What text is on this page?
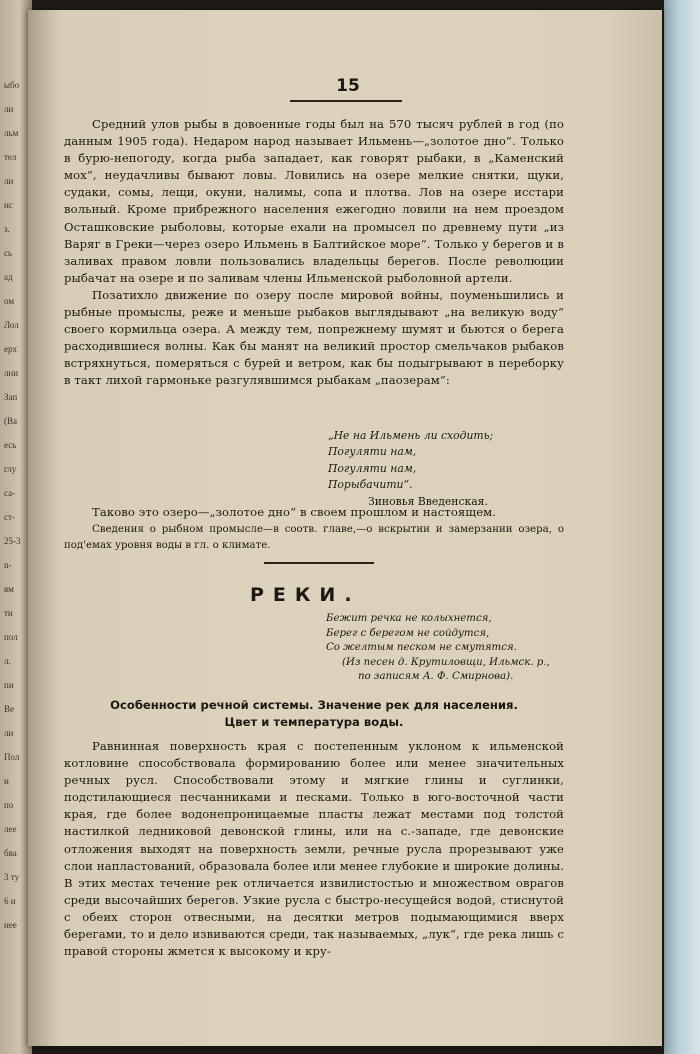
ыбо
ли
льм
тел
ли
нс
з.
сь
ад
ом
Лол
ерх
лни
Зап
(Ва
есь
глу
са-
ст-
25-3
n-
ям
ти
пол
л.
пи
Ве
ли
Пол
и
по
лее
бва
3 ту
6 и
нее
15

Средний улов рыбы в довоенные годы был на 570 тысяч рублей в год (по данным 1905 года). Недаром народ называет Ильмень—„золотое дно“. Только в бурю-непогоду, когда рыба западает, как говорят рыбаки, в „Каменский мох“, неудачливы бывают ловы. Ловились на озере мелкие снятки, щуки, судаки, сомы, лещи, окуни, налимы, сопа и плотва. Лов на озере исстари вольный. Кроме прибрежного населения ежегодно ловили на нем проездом Осташковские рыболовы, которые ехали на промысел по древнему пути „из Варяг в Греки—через озеро Ильмень в Балтийское море“. Только у берегов и в заливах правом ловли пользовались владельцы берегов. После революции рыбачат на озере и по заливам члены Ильменской рыболовной артели.

Позатихло движение по озеру после мировой войны, поуменьшились и рыбные промыслы, реже и меньше рыбаков выглядывают „на великую воду“ своего кормильца озера. А между тем, попрежнему шумят и бьются о берега расходившиеся волны. Как бы манят на великий простор смельчаков рыбаков встряхнуться, померяться с бурей и ветром, как бы подыгрывают в переборку в такт лихой гармоньке разгулявшимся рыбакам „паозерам“:

„Не на Ильмень ли сходить;
Погуляти нам,
Погуляти нам,
Порыбачити“.
Зиновья Введенская.

Таково это озеро—„золотое дно“ в своем прошлом и настоящем.

Сведения о рыбном промысле—в соотв. главе,—о вскрытии и замерзании озера, о под'емах уровня воды в гл. о климате.

РЕКИ.
Бежит речка не колыхнется,
Берег с берегом не сойдутся,
Со желтым песком не смутятся.
(Из песен д. Крутиловщи, Ильмск. р.,
по записям А. Ф. Смирнова).
Особенности речной системы. Значение рек для населения.
Цвет и температура воды.

Равнинная поверхность края с постепенным уклоном к ильменской котловине способствовала формированию более или менее значительных речных русл. Способствовали этому и мягкие глины и суглинки, подстилающиеся песчанниками и песками. Только в юго-восточной части края, где более водонепроницаемые пласты лежат местами под толстой настилкой ледниковой девонской глины, или на с.-западе, где девонские отложения выходят на поверхность земли, речные русла прорезывают уже слои напластований, образовала более или менее глубокие и широкие долины. В этих местах течение рек отличается извилистостью и множеством оврагов среди высочайших берегов. Узкие русла с быстро-несущейся водой, стиснутой с обеих сторон отвесными, на десятки метров подымающимися вверх берегами, то и дело извиваются среди, так называемых, „лук“, где река лишь с правой стороны жмется к высокому и кру-
